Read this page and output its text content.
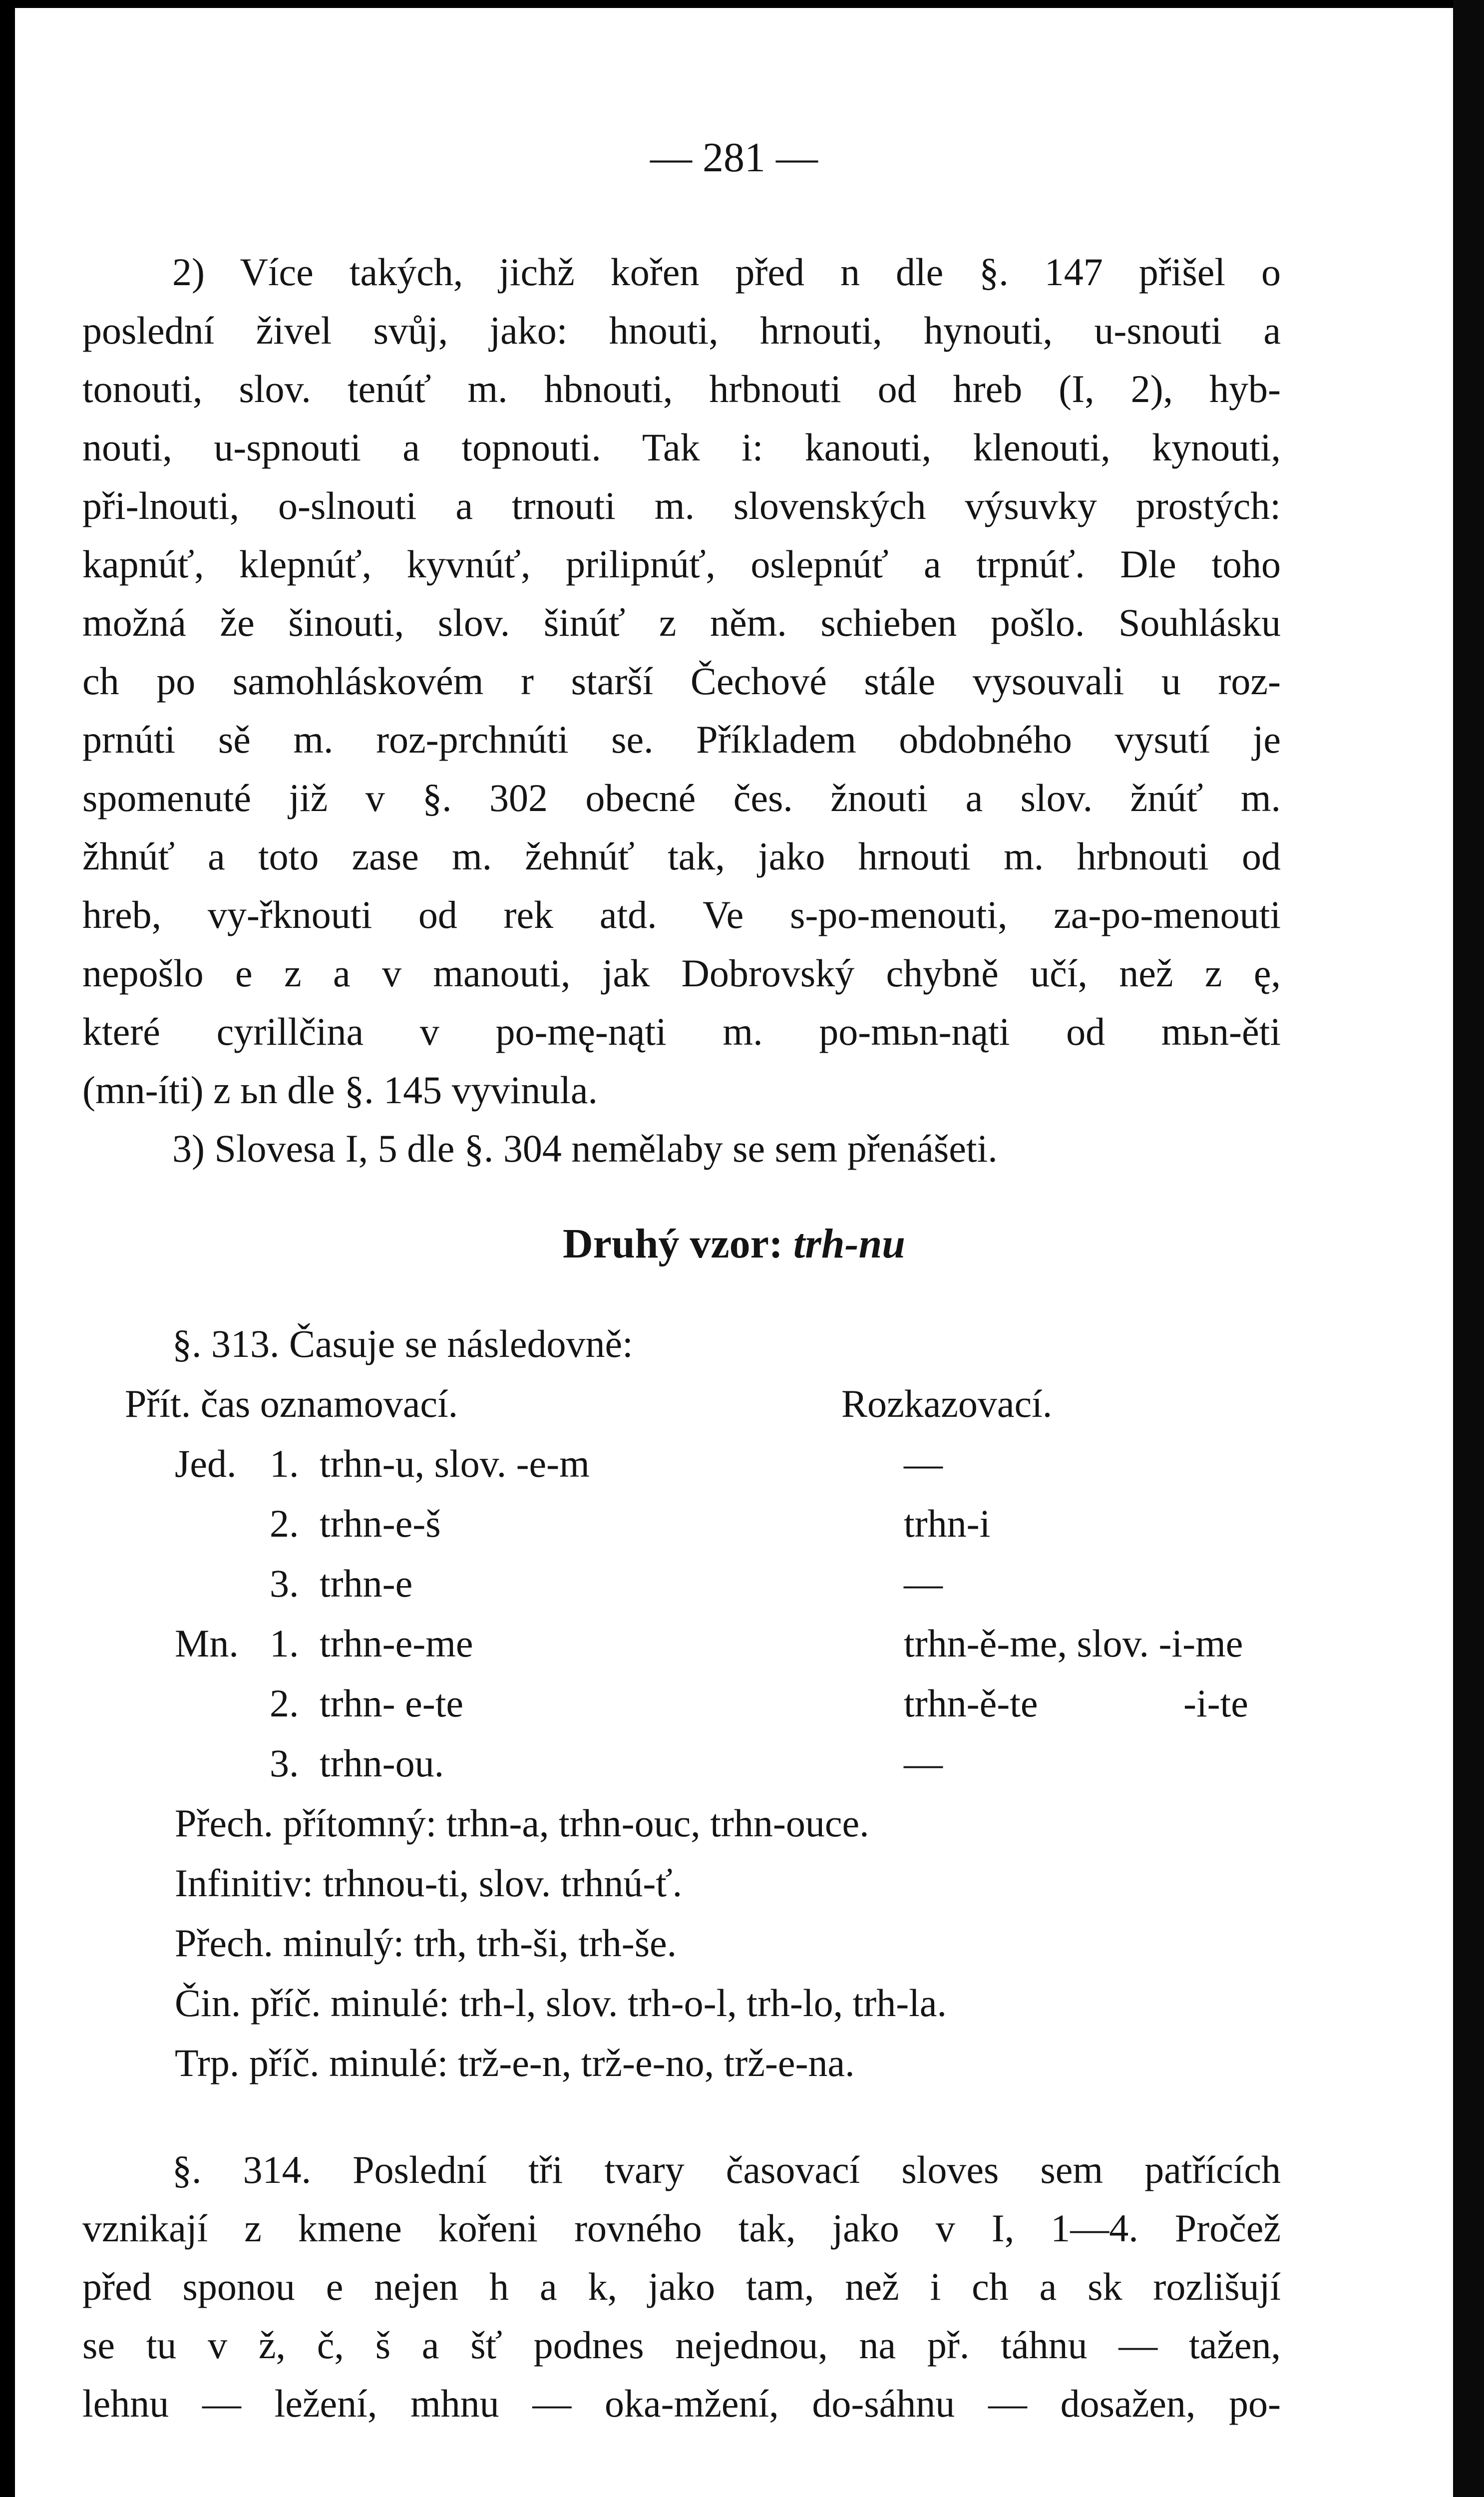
— 281 —
2) Více takých, jichž kořen před n dle §. 147 přišel o
poslední živel svůj, jako: hnouti, hrnouti, hynouti, u-snouti a
tonouti, slov. tenúť m. hbnouti, hrbnouti od hreb (I, 2), hyb-
nouti, u-spnouti a topnouti. Tak i: kanouti, klenouti, kynouti,
při-lnouti, o-slnouti a trnouti m. slovenských výsuvky prostých:
kapnúť, klepnúť, kyvnúť, prilipnúť, oslepnúť a trpnúť. Dle toho
možná že šinouti, slov. šinúť z něm. schieben pošlo. Souhlásku
ch po samohláskovém r starší Čechové stále vysouvali u roz-
prnúti sě m. roz-prchnúti se. Příkladem obdobného vysutí je
spomenuté již v §. 302 obecné čes. žnouti a slov. žnúť m.
žhnúť a toto zase m. žehnúť tak, jako hrnouti m. hrbnouti od
hreb, vy-řknouti od rek atd. Ve s-po-menouti, za-po-menouti
nepošlo e z a v manouti, jak Dobrovský chybně učí, než z ę,
které cyrillčina v po-mę-nąti m. po-mьn-nąti od mьn-ěti
(mn-íti) z ьn dle §. 145 vyvinula.
3) Slovesa I, 5 dle §. 304 nemělaby se sem přenášeti.
Druhý vzor: trh-nu
§. 313. Časuje se následovně:
Přít. čas oznamovací.	Rozkazovací.
Jed. 1. trhn-u, slov. -e-m	—
2. trhn-e-š	trhn-i
3. trhn-e	—
Mn. 1. trhn-e-me	trhn-ě-me, slov. -i-me
2. trhn- e-te	trhn-ě-te	-i-te
3. trhn-ou.	—
Přech. přítomný: trhn-a, trhn-ouc, trhn-ouce.
Infinitiv: trhnou-ti, slov. trhnú-ť.
Přech. minulý: trh, trh-ši, trh-še.
Čin. příč. minulé: trh-l, slov. trh-o-l, trh-lo, trh-la.
Trp. příč. minulé: trž-e-n, trž-e-no, trž-e-na.
§. 314. Poslední tři tvary časovací sloves sem patřících
vznikají z kmene kořeni rovného tak, jako v I, 1—4. Pročež
před sponou e nejen h a k, jako tam, než i ch a sk rozlišují
se tu v ž, č, š a šť podnes nejednou, na př. táhnu — tažen,
lehnu — ležení, mhnu — oka-mžení, do-sáhnu — dosažen, po-
